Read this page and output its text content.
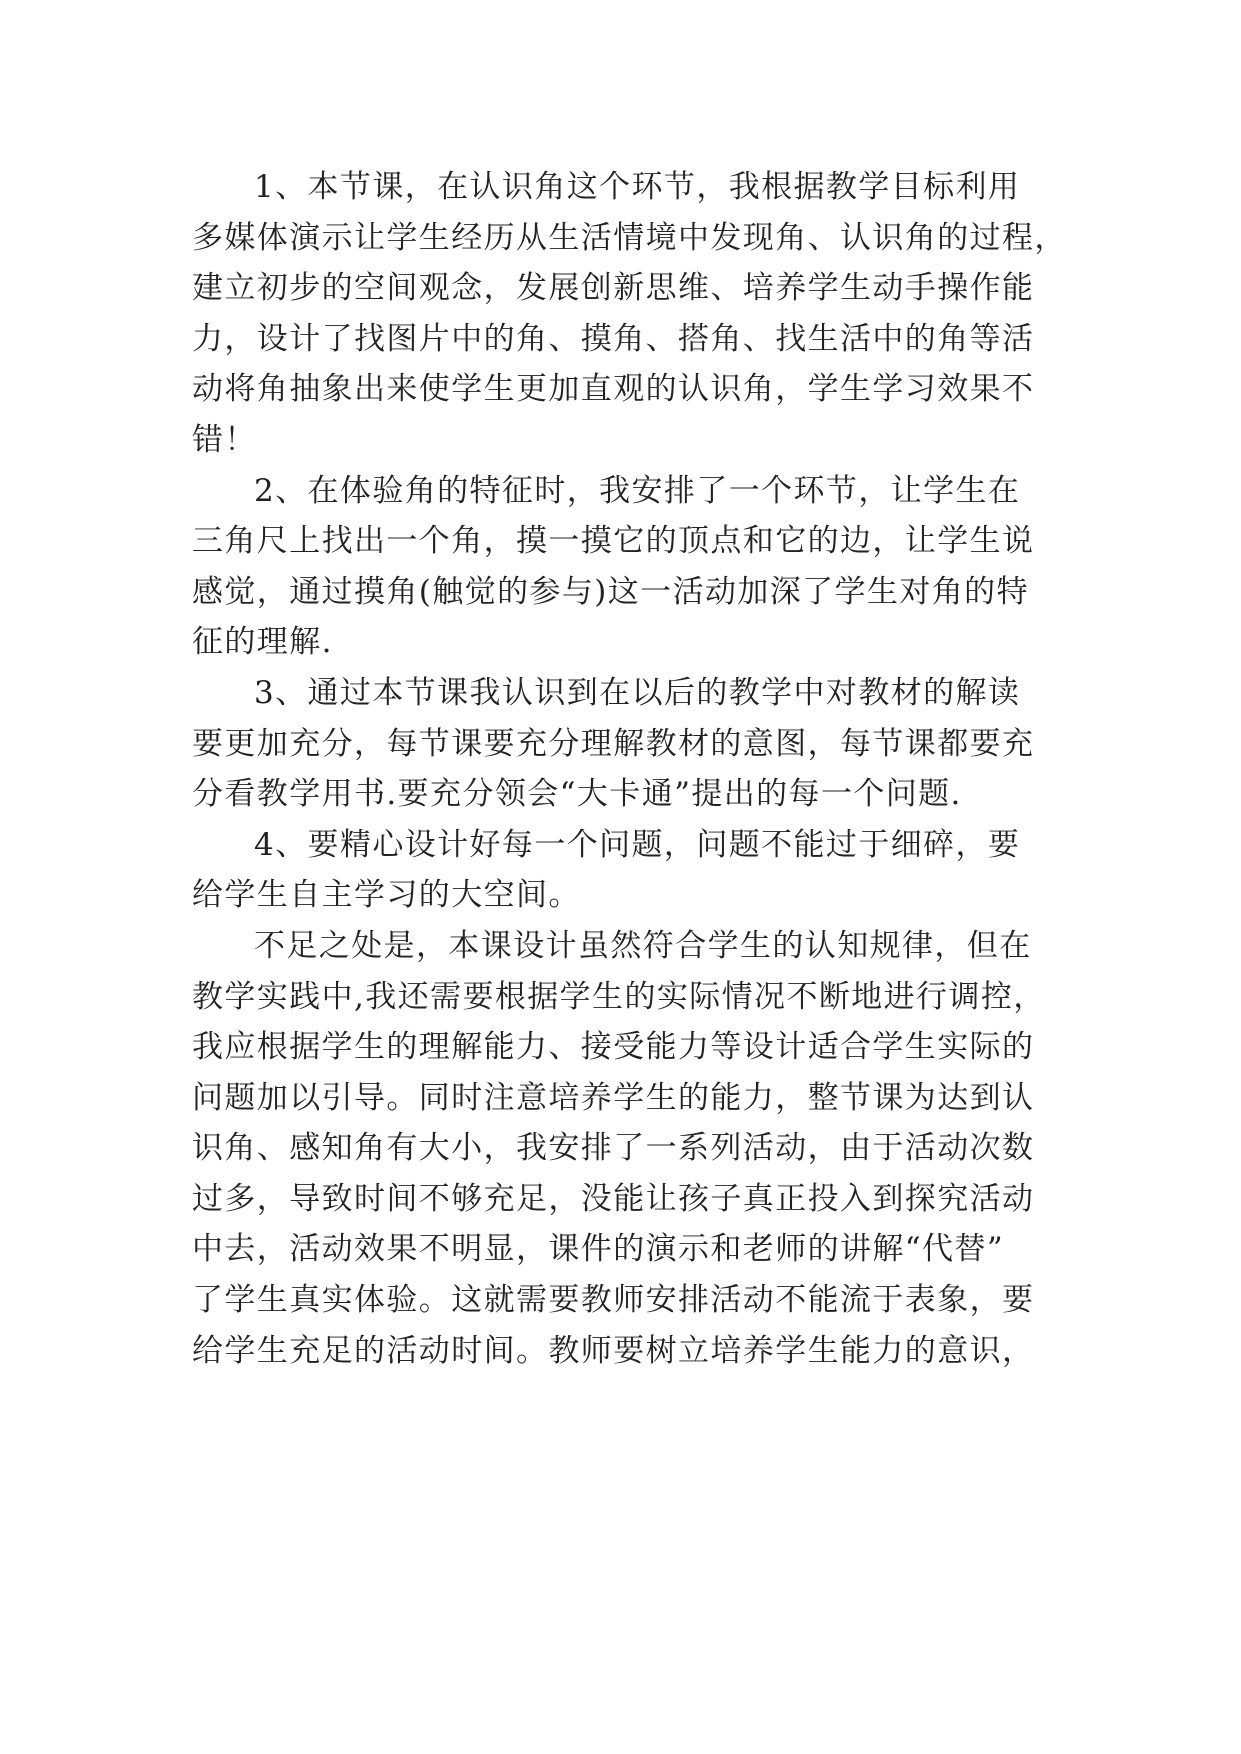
1、本节课，在认识角这个环节，我根据教学目标利用
多媒体演示让学生经历从生活情境中发现角、认识角的过程，
建立初步的空间观念，发展创新思维、培养学生动手操作能
力，设计了找图片中的角、摸角、搭角、找生活中的角等活
动将角抽象出来使学生更加直观的认识角，学生学习效果不
错！
2、在体验角的特征时，我安排了一个环节，让学生在
三角尺上找出一个角，摸一摸它的顶点和它的边，让学生说
感觉，通过摸角(触觉的参与)这一活动加深了学生对角的特
征的理解.
3、通过本节课我认识到在以后的教学中对教材的解读
要更加充分，每节课要充分理解教材的意图，每节课都要充
分看教学用书.要充分领会“大卡通”提出的每一个问题.
4、要精心设计好每一个问题，问题不能过于细碎，要
给学生自主学习的大空间。
不足之处是，本课设计虽然符合学生的认知规律，但在
教学实践中,我还需要根据学生的实际情况不断地进行调控，
我应根据学生的理解能力、接受能力等设计适合学生实际的
问题加以引导。同时注意培养学生的能力，整节课为达到认
识角、感知角有大小，我安排了一系列活动，由于活动次数
过多，导致时间不够充足，没能让孩子真正投入到探究活动
中去，活动效果不明显，课件的演示和老师的讲解“代替”
了学生真实体验。这就需要教师安排活动不能流于表象，要
给学生充足的活动时间。教师要树立培养学生能力的意识，
